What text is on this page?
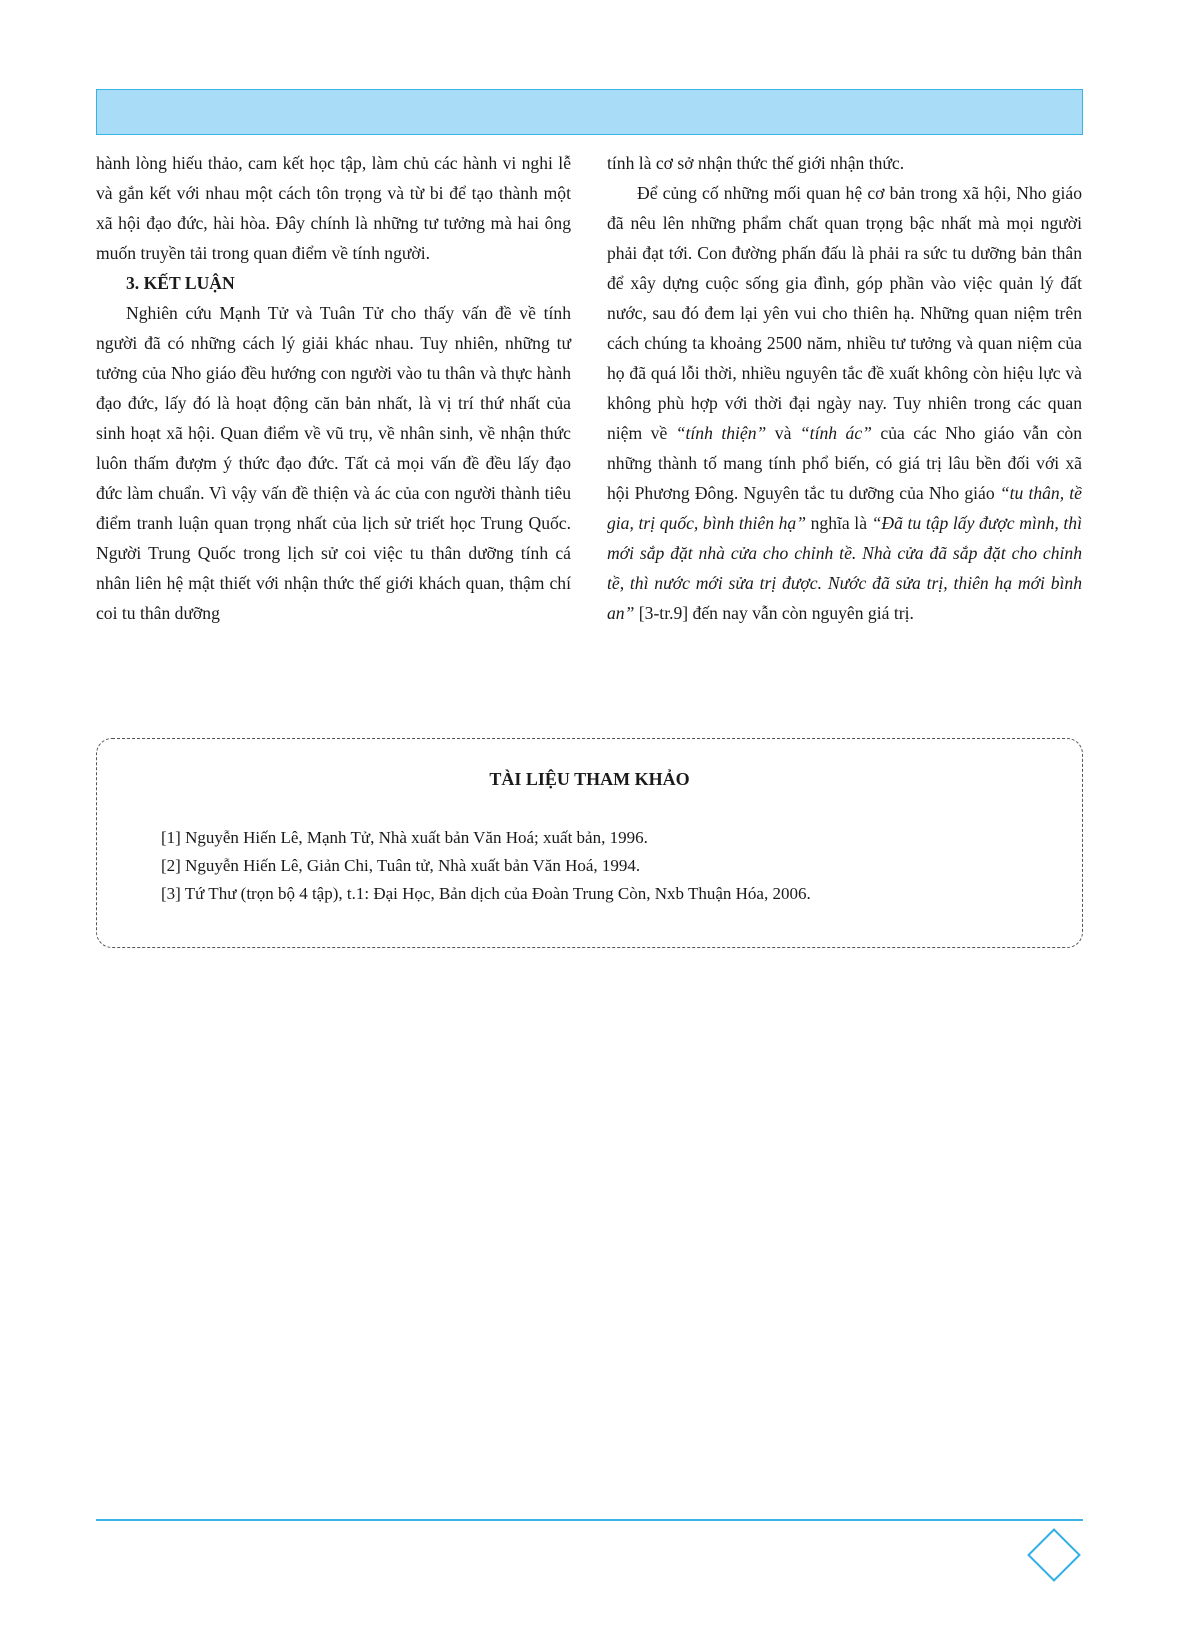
hành lòng hiếu thảo, cam kết học tập, làm chủ các hành vi nghi lễ và gắn kết với nhau một cách tôn trọng và từ bi để tạo thành một xã hội đạo đức, hài hòa. Đây chính là những tư tưởng mà hai ông muốn truyền tải trong quan điểm về tính người.

3. KẾT LUẬN

Nghiên cứu Mạnh Tử và Tuân Tử cho thấy vấn đề về tính người đã có những cách lý giải khác nhau. Tuy nhiên, những tư tưởng của Nho giáo đều hướng con người vào tu thân và thực hành đạo đức, lấy đó là hoạt động căn bản nhất, là vị trí thứ nhất của sinh hoạt xã hội. Quan điểm về vũ trụ, về nhân sinh, về nhận thức luôn thấm đượm ý thức đạo đức. Tất cả mọi vấn đề đều lấy đạo đức làm chuẩn. Vì vậy vấn đề thiện và ác của con người thành tiêu điểm tranh luận quan trọng nhất của lịch sử triết học Trung Quốc. Người Trung Quốc trong lịch sử coi việc tu thân dưỡng tính cá nhân liên hệ mật thiết với nhận thức thế giới khách quan, thậm chí coi tu thân dưỡng

tính là cơ sở nhận thức thế giới nhận thức.

Để củng cố những mối quan hệ cơ bản trong xã hội, Nho giáo đã nêu lên những phẩm chất quan trọng bậc nhất mà mọi người phải đạt tới. Con đường phấn đấu là phải ra sức tu dưỡng bản thân để xây dựng cuộc sống gia đình, góp phần vào việc quản lý đất nước, sau đó đem lại yên vui cho thiên hạ. Những quan niệm trên cách chúng ta khoảng 2500 năm, nhiều tư tưởng và quan niệm của họ đã quá lỗi thời, nhiều nguyên tắc đề xuất không còn hiệu lực và không phù hợp với thời đại ngày nay. Tuy nhiên trong các quan niệm về “tính thiện” và “tính ác” của các Nho giáo vẫn còn những thành tố mang tính phổ biến, có giá trị lâu bền đối với xã hội Phương Đông. Nguyên tắc tu dưỡng của Nho giáo “tu thân, tề gia, trị quốc, bình thiên hạ” nghĩa là “Đã tu tập lấy được mình, thì mới sắp đặt nhà cửa cho chỉnh tề. Nhà cửa đã sắp đặt cho chỉnh tề, thì nước mới sửa trị được. Nước đã sửa trị, thiên hạ mới bình an” [3-tr.9] đến nay vẫn còn nguyên giá trị.

TÀI LIỆU THAM KHẢO
[1] Nguyễn Hiến Lê, Mạnh Tử, Nhà xuất bản Văn Hoá; xuất bản, 1996.
[2] Nguyễn Hiến Lê, Giản Chi, Tuân tử, Nhà xuất bản Văn Hoá, 1994.
[3] Tứ Thư (trọn bộ 4 tập), t.1: Đại Học, Bản dịch của Đoàn Trung Còn, Nxb Thuận Hóa, 2006.
